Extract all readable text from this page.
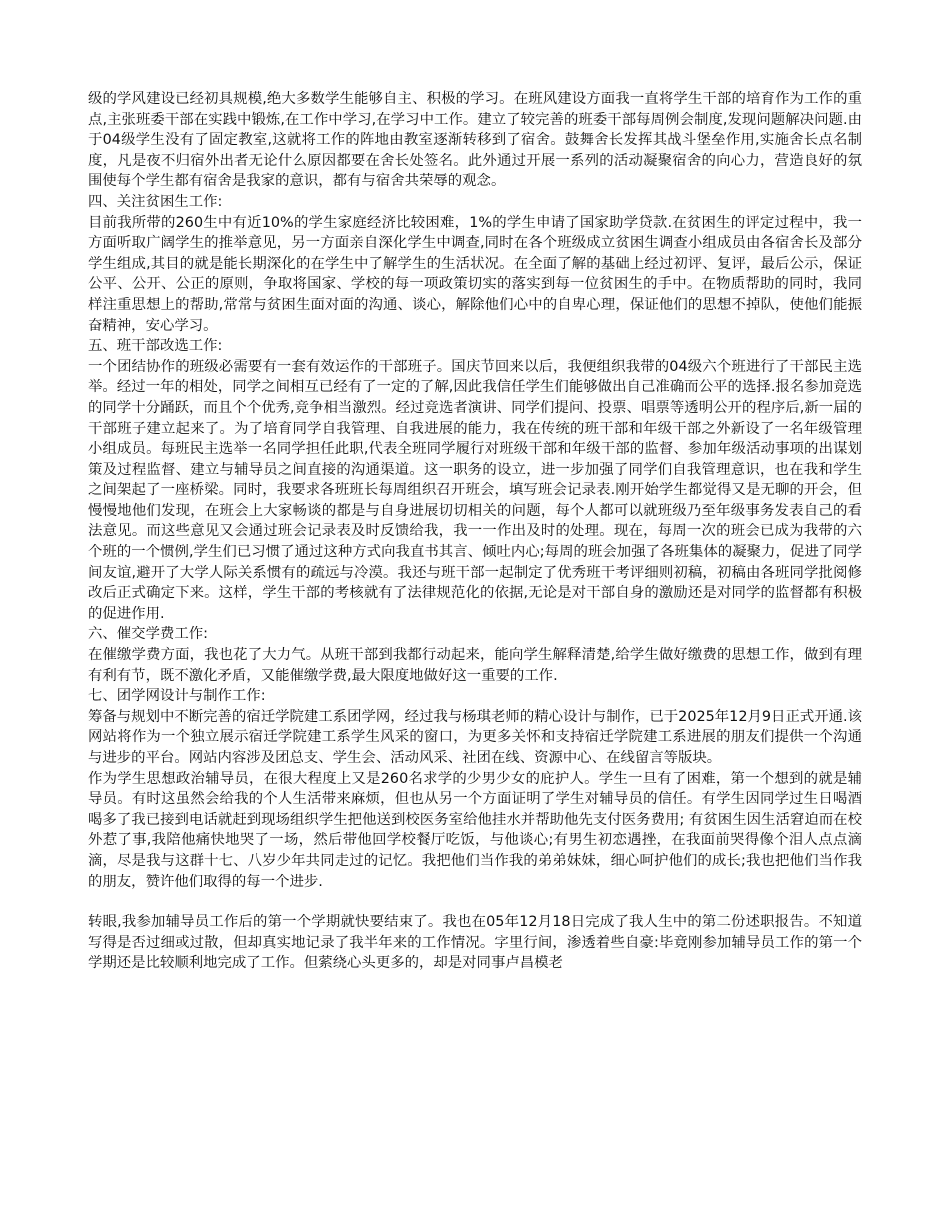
级的学风建设已经初具规模,绝大多数学生能够自主、积极的学习。在班风建设方面我一直将学生干部的培育作为工作的重点,主张班委干部在实践中锻炼,在工作中学习,在学习中工作。建立了较完善的班委干部每周例会制度,发现问题解决问题.由于04级学生没有了固定教室,这就将工作的阵地由教室逐渐转移到了宿舍。鼓舞舍长发挥其战斗堡垒作用,实施舍长点名制度，凡是夜不归宿外出者无论什么原因都要在舍长处签名。此外通过开展一系列的活动凝聚宿舍的向心力，营造良好的氛围使每个学生都有宿舍是我家的意识，都有与宿舍共荣辱的观念。

四、关注贫困生工作:

目前我所带的260生中有近10%的学生家庭经济比较困难，1%的学生申请了国家助学贷款.在贫困生的评定过程中，我一方面听取广阔学生的推举意见，另一方面亲自深化学生中调查,同时在各个班级成立贫困生调查小组成员由各宿舍长及部分学生组成,其目的就是能长期深化的在学生中了解学生的生活状况。在全面了解的基础上经过初评、复评，最后公示，保证公平、公开、公正的原则，争取将国家、学校的每一项政策切实的落实到每一位贫困生的手中。在物质帮助的同时，我同样注重思想上的帮助,常常与贫困生面对面的沟通、谈心，解除他们心中的自卑心理，保证他们的思想不掉队，使他们能振奋精神，安心学习。

五、班干部改选工作:

一个团结协作的班级必需要有一套有效运作的干部班子。国庆节回来以后，我便组织我带的04级六个班进行了干部民主选举。经过一年的相处，同学之间相互已经有了一定的了解,因此我信任学生们能够做出自己准确而公平的选择.报名参加竞选的同学十分踊跃，而且个个优秀,竞争相当激烈。经过竞选者演讲、同学们提问、投票、唱票等透明公开的程序后,新一届的干部班子建立起来了。为了培育同学自我管理、自我进展的能力，我在传统的班干部和年级干部之外新设了一名年级管理小组成员。每班民主选举一名同学担任此职,代表全班同学履行对班级干部和年级干部的监督、参加年级活动事项的出谋划策及过程监督、建立与辅导员之间直接的沟通渠道。这一职务的设立，进一步加强了同学们自我管理意识，也在我和学生之间架起了一座桥梁。同时，我要求各班班长每周组织召开班会，填写班会记录表.刚开始学生都觉得又是无聊的开会，但慢慢地他们发现，在班会上大家畅谈的都是与自身进展切切相关的问题，每个人都可以就班级乃至年级事务发表自己的看法意见。而这些意见又会通过班会记录表及时反馈给我，我一一作出及时的处理。现在，每周一次的班会已成为我带的六个班的一个惯例,学生们已习惯了通过这种方式向我直书其言、倾吐内心;每周的班会加强了各班集体的凝聚力，促进了同学间友谊,避开了大学人际关系惯有的疏远与冷漠。我还与班干部一起制定了优秀班干考评细则初稿，初稿由各班同学批阅修改后正式确定下来。这样，学生干部的考核就有了法律规范化的依据,无论是对干部自身的激励还是对同学的监督都有积极的促进作用.

六、催交学费工作:

在催缴学费方面，我也花了大力气。从班干部到我都行动起来，能向学生解释清楚,给学生做好缴费的思想工作，做到有理有利有节，既不激化矛盾，又能催缴学费,最大限度地做好这一重要的工作.

七、团学网设计与制作工作:

筹备与规划中不断完善的宿迁学院建工系团学网，经过我与杨琪老师的精心设计与制作，已于2025年12月9日正式开通.该网站将作为一个独立展示宿迁学院建工系学生风采的窗口，为更多关怀和支持宿迁学院建工系进展的朋友们提供一个沟通与进步的平台。网站内容涉及团总支、学生会、活动风采、社团在线、资源中心、在线留言等版块。

作为学生思想政治辅导员，在很大程度上又是260名求学的少男少女的庇护人。学生一旦有了困难，第一个想到的就是辅导员。有时这虽然会给我的个人生活带来麻烦，但也从另一个方面证明了学生对辅导员的信任。有学生因同学过生日喝酒喝多了我已接到电话就赶到现场组织学生把他送到校医务室给他挂水并帮助他先支付医务费用; 有贫困生因生活窘迫而在校外惹了事,我陪他痛快地哭了一场，然后带他回学校餐厅吃饭，与他谈心;有男生初恋遇挫，在我面前哭得像个泪人点点滴滴，尽是我与这群十七、八岁少年共同走过的记忆。我把他们当作我的弟弟妹妹，细心呵护他们的成长;我也把他们当作我的朋友，赞许他们取得的每一个进步.

转眼,我参加辅导员工作后的第一个学期就快要结束了。我也在05年12月18日完成了我人生中的第二份述职报告。不知道写得是否过细或过散，但却真实地记录了我半年来的工作情况。字里行间，渗透着些自豪:毕竟刚参加辅导员工作的第一个学期还是比较顺利地完成了工作。但萦绕心头更多的，却是对同事卢昌模老
